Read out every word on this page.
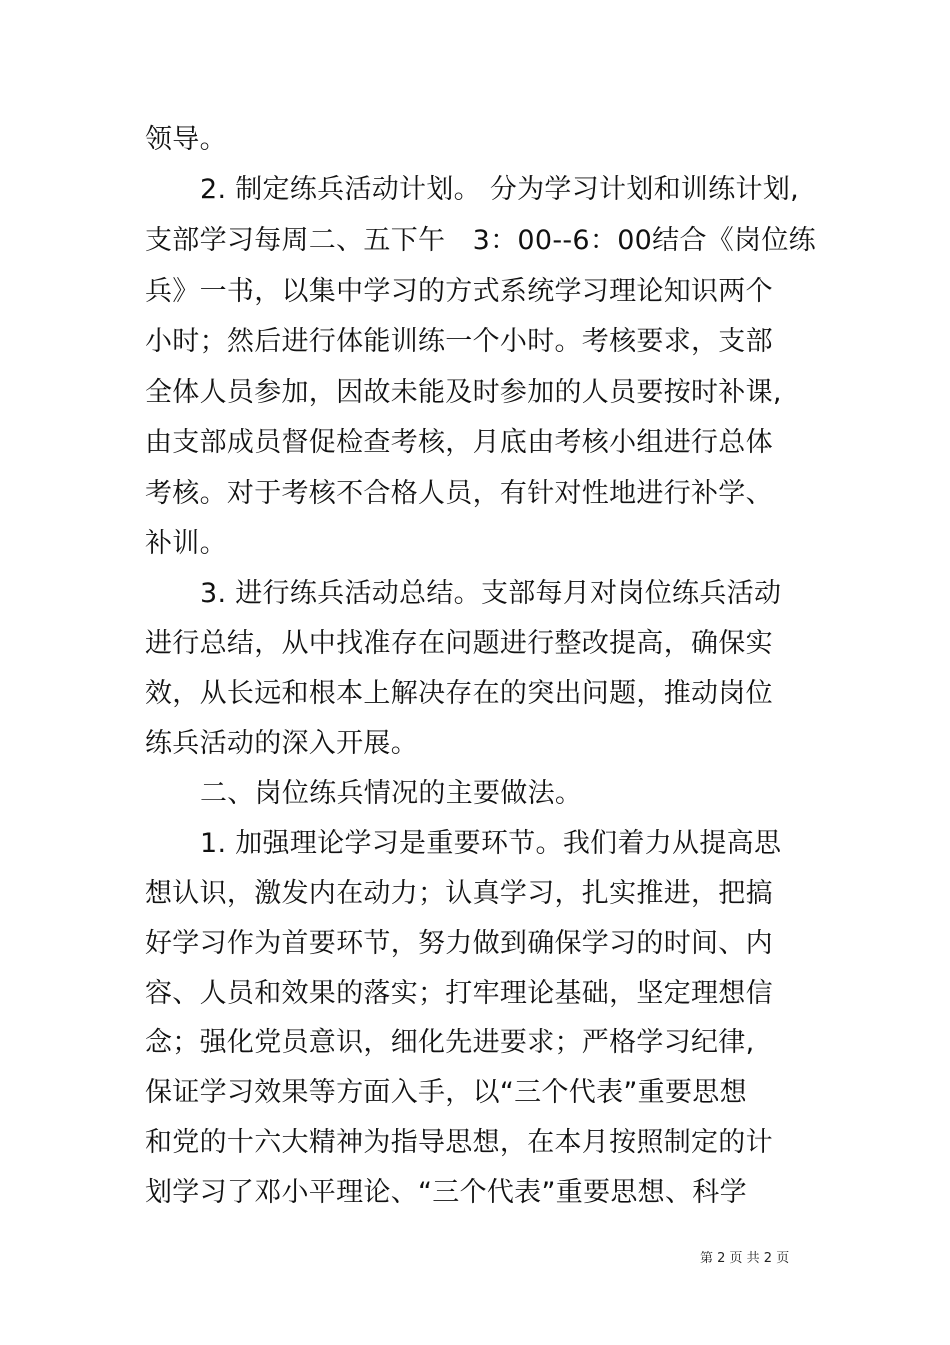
领导。
2. 制定练兵活动计划。 分为学习计划和训练计划,
支部学习每周二、五下午　3：00--6：00结合《岗位练
兵》一书，以集中学习的方式系统学习理论知识两个
小时；然后进行体能训练一个小时。考核要求，支部
全体人员参加，因故未能及时参加的人员要按时补课,
由支部成员督促检查考核，月底由考核小组进行总体
考核。对于考核不合格人员，有针对性地进行补学、
补训。
3. 进行练兵活动总结。支部每月对岗位练兵活动
进行总结，从中找准存在问题进行整改提高，确保实
效，从长远和根本上解决存在的突出问题，推动岗位
练兵活动的深入开展。
二、岗位练兵情况的主要做法。
1. 加强理论学习是重要环节。我们着力从提高思
想认识，激发内在动力；认真学习，扎实推进，把搞
好学习作为首要环节，努力做到确保学习的时间、内
容、人员和效果的落实；打牢理论基础，坚定理想信
念；强化党员意识，细化先进要求；严格学习纪律,
保证学习效果等方面入手，以“三个代表”重要思想
和党的十六大精神为指导思想，在本月按照制定的计
划学习了邓小平理论、“三个代表”重要思想、科学
第 2 页 共 2 页
